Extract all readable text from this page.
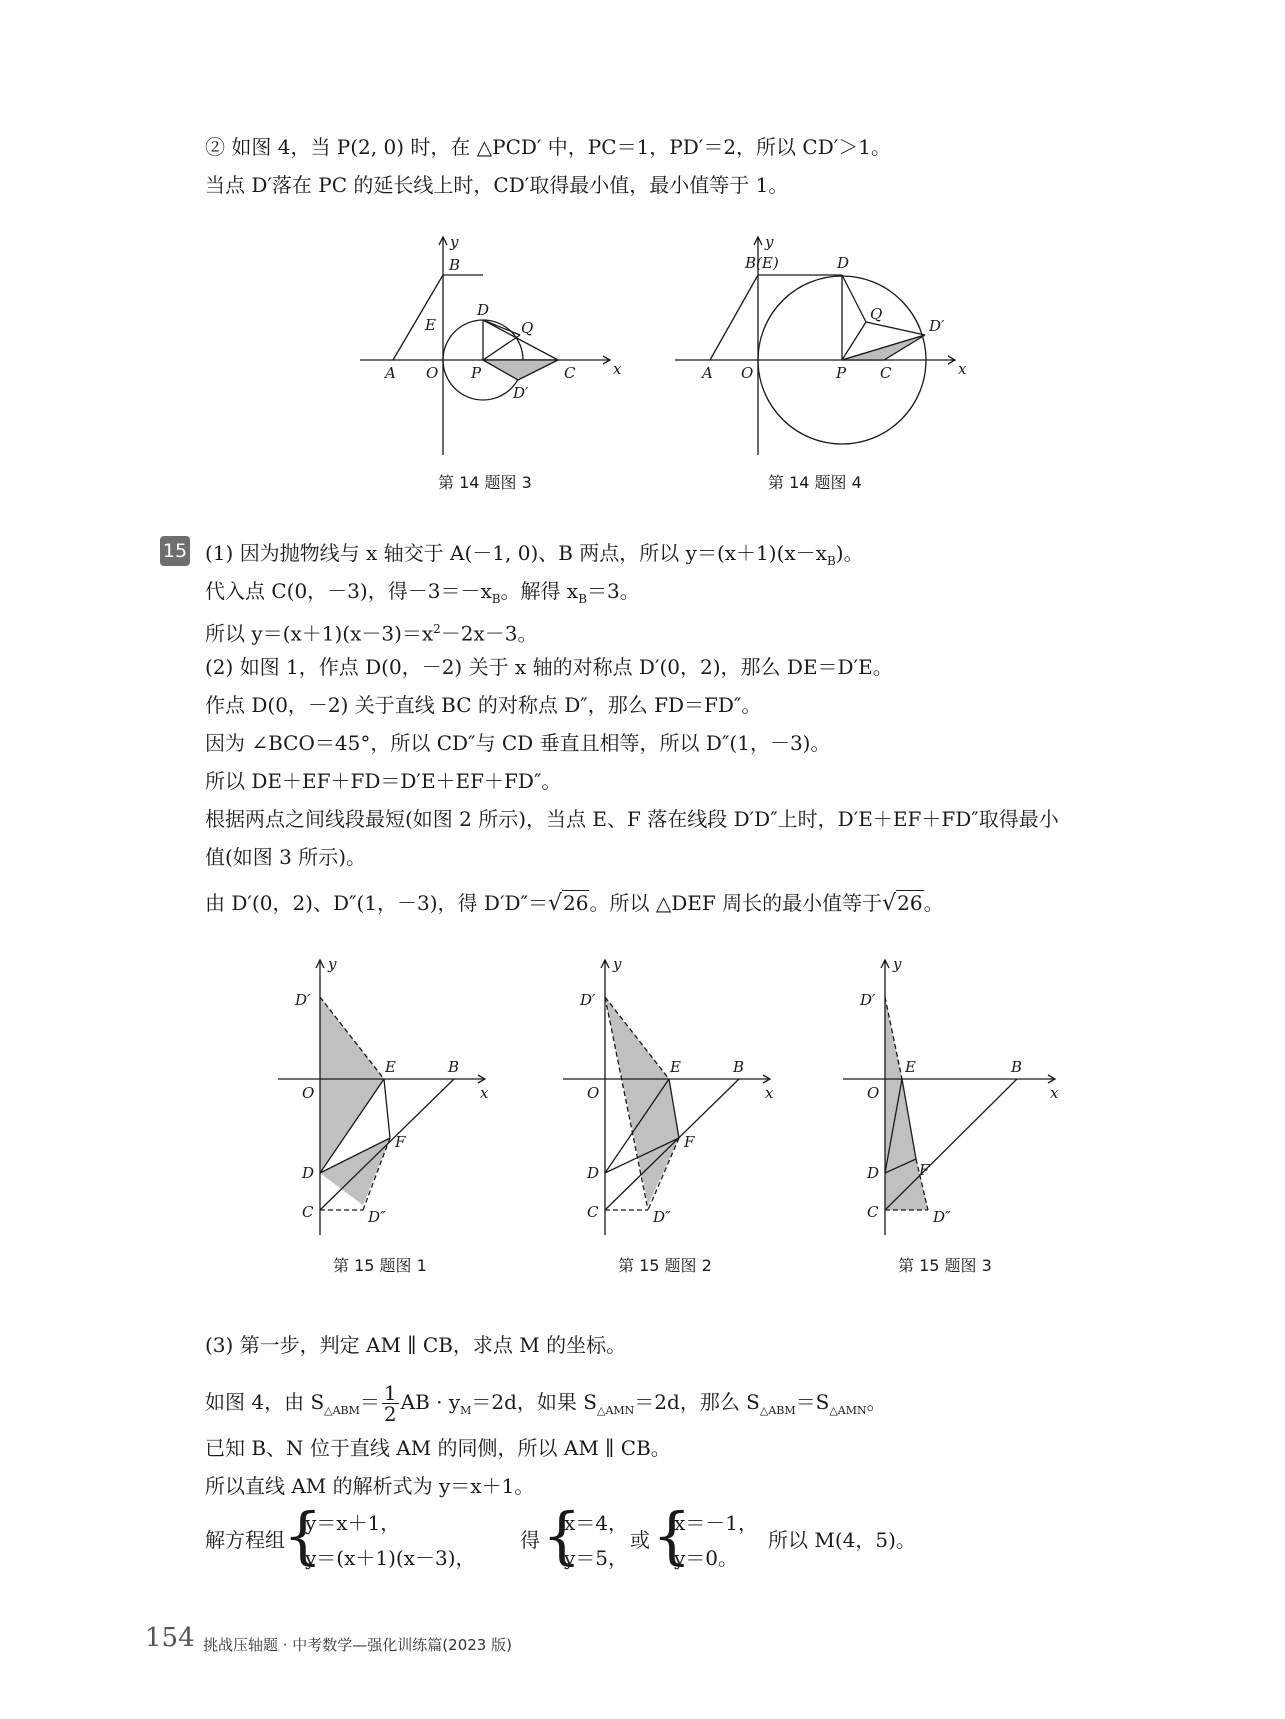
② 如图 4，当 P(2, 0) 时，在 △PCD′ 中，PC＝1，PD′＝2，所以 CD′＞1。
当点 D′落在 PC 的延长线上时，CD′取得最小值，最小值等于 1。
y
x
B
E
D
Q
A O P	C
D′
第 14 题图 3
y
x
B(E)	D
Q
D′
A O	P C
第 14 题图 4
15 (1) 因为抛物线与 x 轴交于 A(－1, 0)、B 两点，所以 $y=(x+1)(x-x_B)$。
代入点 C(0，－3)，得$-3=-x_B$。解得 $x_B=3$。
所以 $y=(x+1)(x-3)=x^2-2x-3$。
(2) 如图 1，作点 D(0，－2) 关于 x 轴的对称点 D′(0，2)，那么 DE＝D′E。
作点 D(0，－2) 关于直线 BC 的对称点 D″，那么 FD＝FD″。
因为 ∠BCO＝45°，所以 CD″与 CD 垂直且相等，所以 D″(1，－3)。
所以 DE＋EF＋FD＝D′E＋EF＋FD″。
根据两点之间线段最短(如图 2 所示)，当点 E、F 落在线段 D′D″上时，D′E＋EF＋FD″取得最小
值(如图 3 所示)。
由 D′(0，2)、D″(1，－3)，得 D′D″＝√26。所以 △DEF 周长的最小值等于√26。
y
x
D′
E	B
O
F
D
C	D″
第 15 题图 1
y
x
D′
E	B
O
F
D
C	D″
第 15 题图 2
y
x
D′
E	B
O
F
D
C	D″
第 15 题图 3
(3) 第一步，判定 AM ∥ CB，求点 M 的坐标。
如图 4，由 $S_{\triangle ABM}= \frac{1}{2}$ AB · $y_M=2d$，如果 $S_{\triangle AMN}=2d$，那么 $S_{\triangle ABM}=S_{\triangle AMN}$。
已知 B、N 位于直线 AM 的同侧，所以 AM ∥ CB。
所以直线 AM 的解析式为 y＝x＋1。
解方程组
{
y＝x＋1，
y＝(x＋1)(x－3)，
得 {
x＝4，
y＝5，
或 {
x＝－1，
y＝0。
所以 M(4，5)。
154 挑战压轴题 · 中考数学—强化训练篇(2023 版)
